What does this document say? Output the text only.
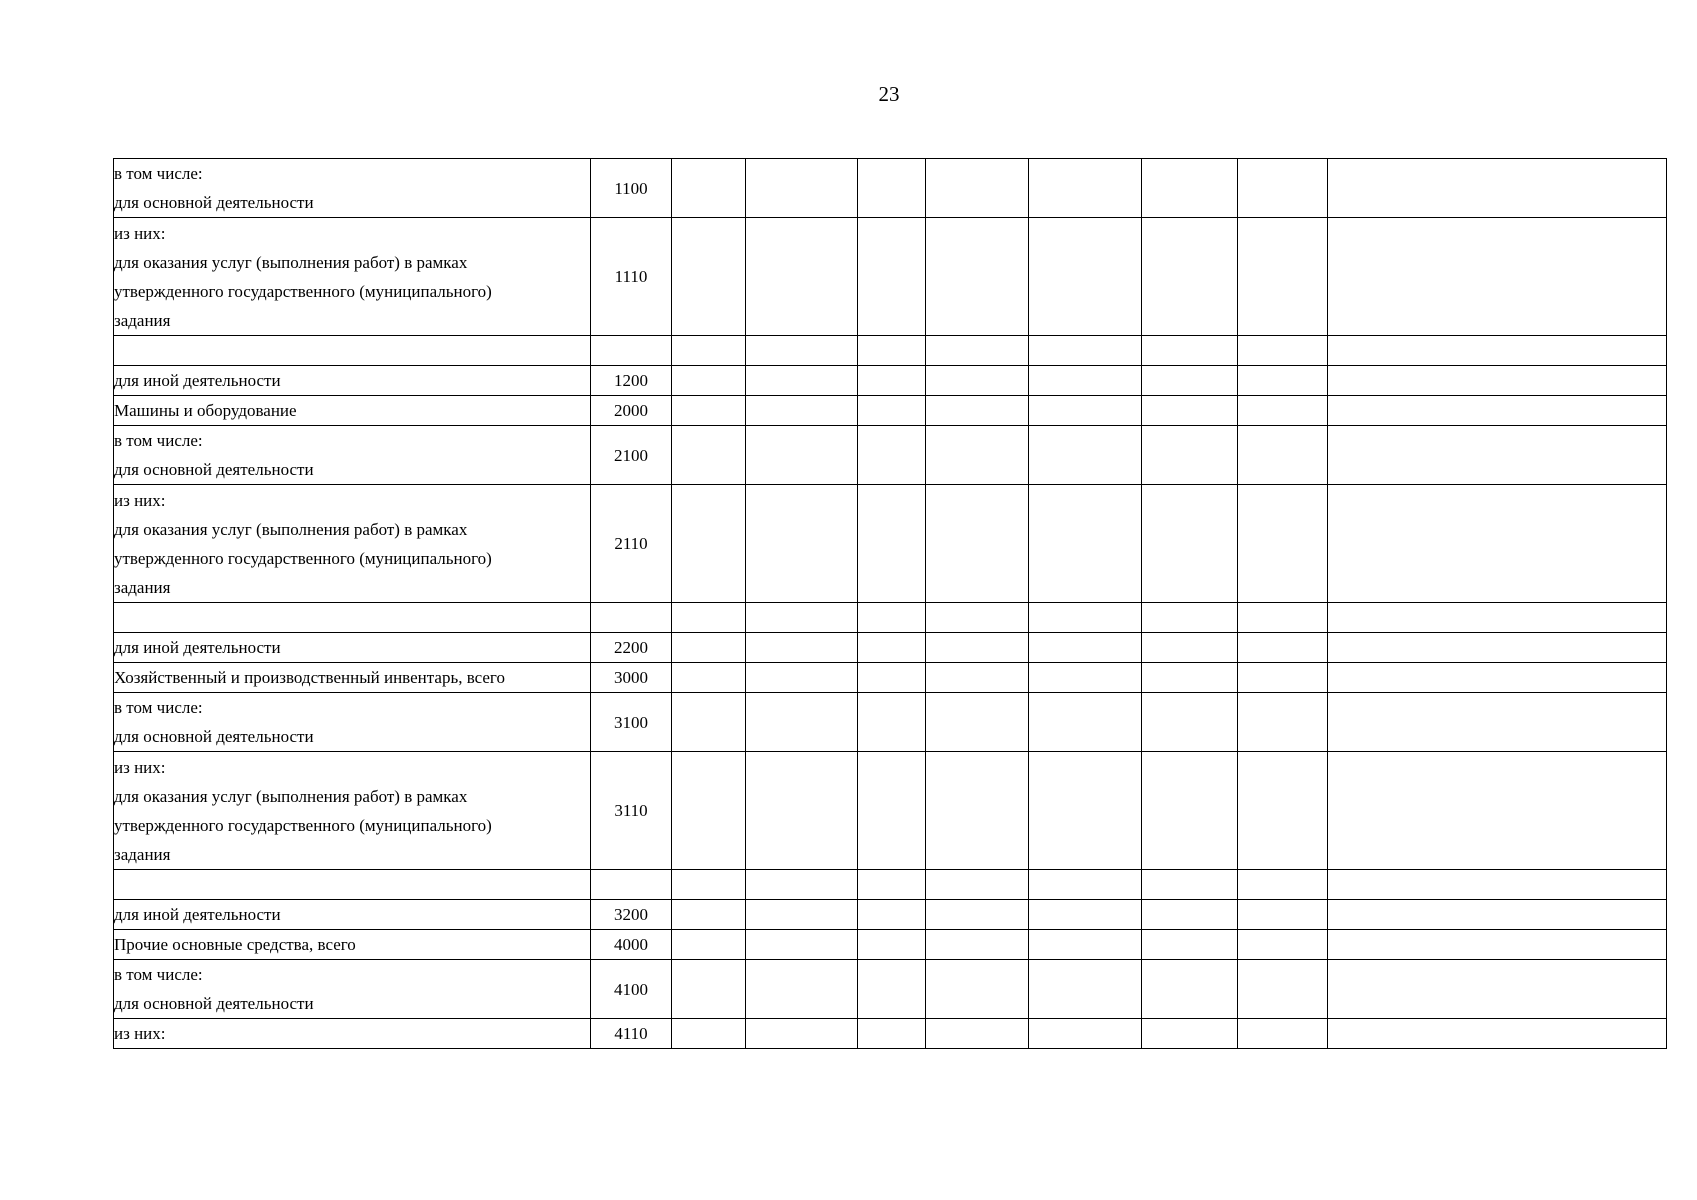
23
в том числе:
для основной деятельности	1100								

из них:
для оказания услуг (выполнения работ) в рамках
утвержденного государственного (муниципального)
задания	1110								

для иной деятельности	1200								

Машины и оборудование	2000								

в том числе:
для основной деятельности	2100								

из них:
для оказания услуг (выполнения работ) в рамках
утвержденного государственного (муниципального)
задания	2110								

для иной деятельности	2200								

Хозяйственный и производственный инвентарь, всего	3000								

в том числе:
для основной деятельности	3100								

из них:
для оказания услуг (выполнения работ) в рамках
утвержденного государственного (муниципального)
задания	3110								

для иной деятельности	3200								

Прочие основные средства, всего	4000								

в том числе:
для основной деятельности	4100								

из них:	4110								
